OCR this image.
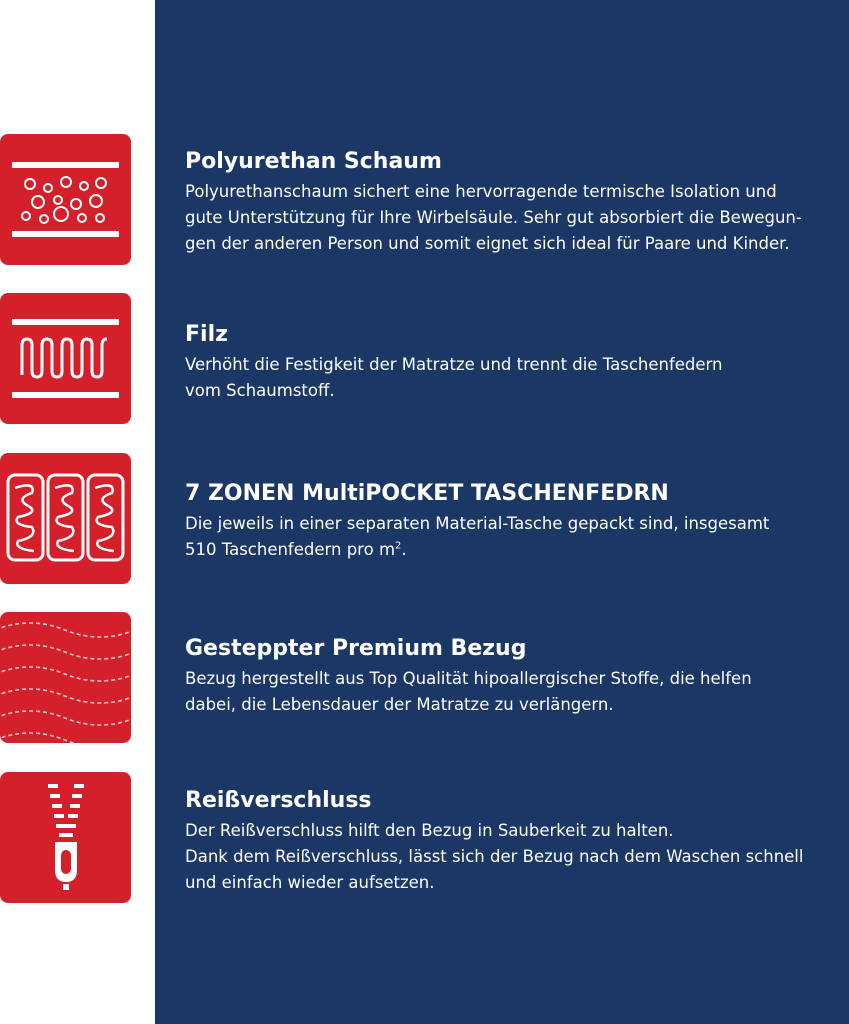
Polyurethan Schaum
Polyurethanschaum sichert eine hervorragende termische Isolation und
gute Unterstützung für Ihre Wirbelsäule. Sehr gut absorbiert die Bewegun-
gen der anderen Person und somit eignet sich ideal für Paare und Kinder.
Filz
Verhöht die Festigkeit der Matratze und trennt die Taschenfedern
vom Schaumstoff.
7 ZONEN MultiPOCKET TASCHENFEDRN
Die jeweils in einer separaten Material-Tasche gepackt sind, insgesamt
510 Taschenfedern pro $m^2$.
Gesteppter Premium Bezug
Bezug hergestellt aus Top Qualität hipoallergischer Stoffe, die helfen
dabei, die Lebensdauer der Matratze zu verlängern.
Reißverschluss
Der Reißverschluss hilft den Bezug in Sauberkeit zu halten.
Dank dem Reißverschluss, lässt sich der Bezug nach dem Waschen schnell
und einfach wieder aufsetzen.
